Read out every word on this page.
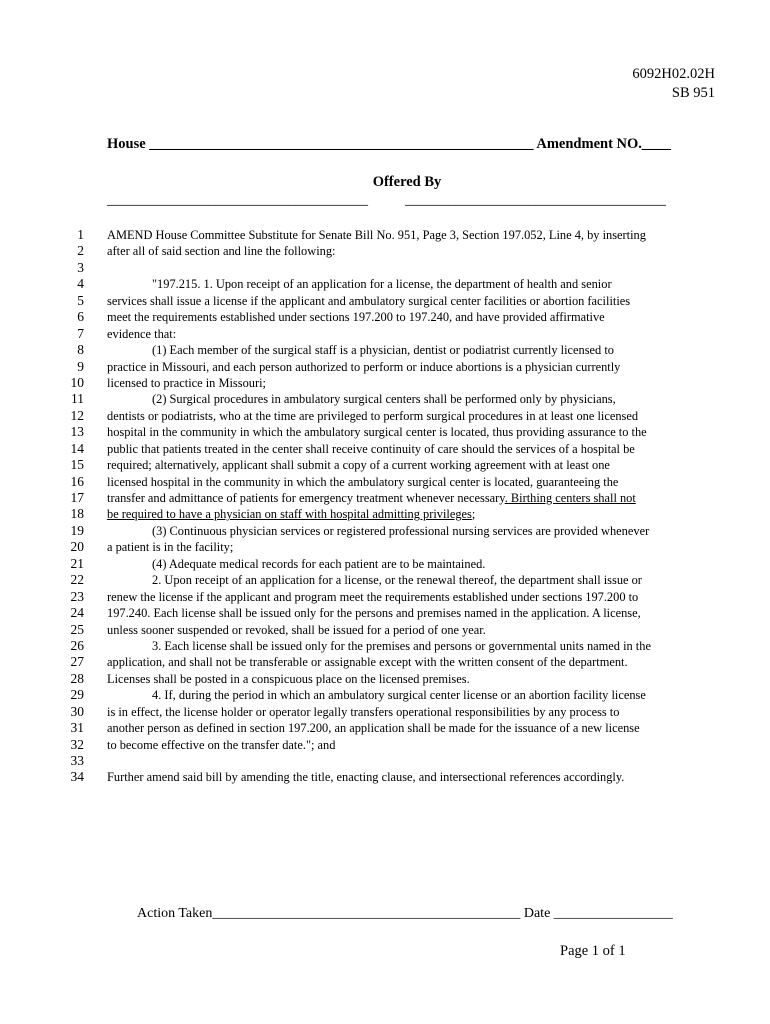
6092H02.02H
SB 951
House _____________________________________________________ Amendment NO.____
Offered By
____________________________________	____________________________________
1 AMEND House Committee Substitute for Senate Bill No. 951, Page 3, Section 197.052, Line 4, by inserting
2 after all of said section and line the following:
3
4	"197.215. 1. Upon receipt of an application for a license, the department of health and senior
5 services shall issue a license if the applicant and ambulatory surgical center facilities or abortion facilities
6 meet the requirements established under sections 197.200 to 197.240, and have provided affirmative
7 evidence that:
8	(1) Each member of the surgical staff is a physician, dentist or podiatrist currently licensed to
9 practice in Missouri, and each person authorized to perform or induce abortions is a physician currently
10 licensed to practice in Missouri;
11	(2) Surgical procedures in ambulatory surgical centers shall be performed only by physicians,
12 dentists or podiatrists, who at the time are privileged to perform surgical procedures in at least one licensed
13 hospital in the community in which the ambulatory surgical center is located, thus providing assurance to the
14 public that patients treated in the center shall receive continuity of care should the services of a hospital be
15 required; alternatively, applicant shall submit a copy of a current working agreement with at least one
16 licensed hospital in the community in which the ambulatory surgical center is located, guaranteeing the
17 transfer and admittance of patients for emergency treatment whenever necessary. Birthing centers shall not
18 be required to have a physician on staff with hospital admitting privileges;
19	(3) Continuous physician services or registered professional nursing services are provided whenever
20 a patient is in the facility;
21	(4) Adequate medical records for each patient are to be maintained.
22	2. Upon receipt of an application for a license, or the renewal thereof, the department shall issue or
23 renew the license if the applicant and program meet the requirements established under sections 197.200 to
24 197.240. Each license shall be issued only for the persons and premises named in the application. A license,
25 unless sooner suspended or revoked, shall be issued for a period of one year.
26	3. Each license shall be issued only for the premises and persons or governmental units named in the
27 application, and shall not be transferable or assignable except with the written consent of the department.
28 Licenses shall be posted in a conspicuous place on the licensed premises.
29	4. If, during the period in which an ambulatory surgical center license or an abortion facility license
30 is in effect, the license holder or operator legally transfers operational responsibilities by any process to
31 another person as defined in section 197.200, an application shall be made for the issuance of a new license
32 to become effective on the transfer date."; and
33
34 Further amend said bill by amending the title, enacting clause, and intersectional references accordingly.
Action Taken____________________________________________ Date _________________
Page 1 of 1
